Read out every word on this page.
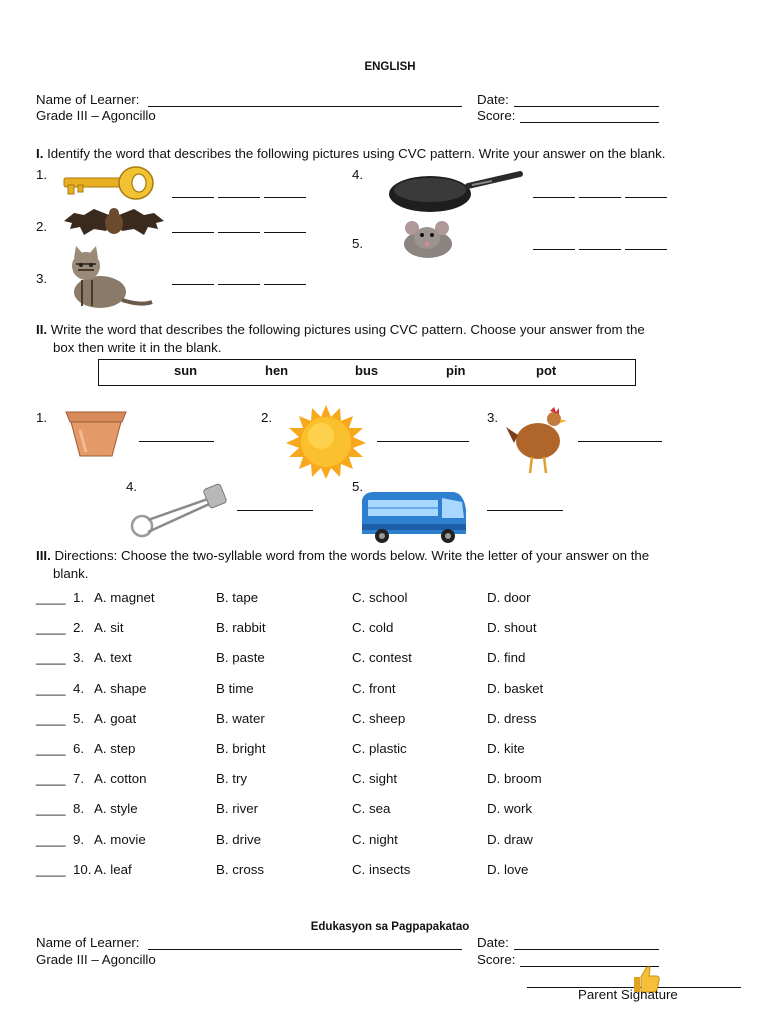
ENGLISH
Name of Learner:	Date:
Grade III – Agoncillo	Score:
I. Identify the word that describes the following pictures using CVC pattern. Write your answer on the blank.
1.
2.
3.
4.
5.
II. Write the word that describes the following pictures using CVC pattern. Choose your answer from the
box then write it in the blank.
sun	hen	bus	pin	pot
1.	2.	3.
4.	5.
III. Directions: Choose the two-syllable word from the words below. Write the letter of your answer on the
blank.
____ 1. A. magnet	B. tape	C. school	D. door
____ 2. A. sit	B. rabbit	C. cold	D. shout
____ 3. A. text	B. paste	C. contest	D. find
____ 4. A. shape	B time	C. front	D. basket
____ 5. A. goat	B. water	C. sheep	D. dress
____ 6. A. step	B. bright	C. plastic	D. kite
____ 7. A. cotton	B. try	C. sight	D. broom
____ 8. A. style	B. river	C. sea	D. work
____ 9. A. movie	B. drive	C. night	D. draw
____ 10. A. leaf	B. cross	C. insects	D. love
Edukasyon sa Pagpapakatao
Name of Learner:	Date:
Grade III – Agoncillo	Score:
Parent Signature
